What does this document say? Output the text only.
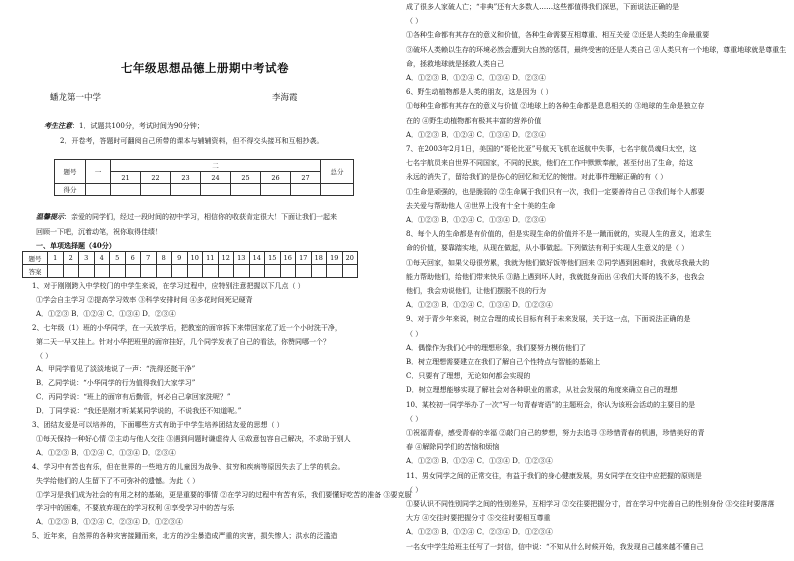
七年级思想品德上册期中考试卷
蟠龙第一中学	李海霞
考生注意：1．试题共100分，考试时间为90分钟；
2．开卷考，答题时可翻阅自己所带的课本与辅辅资料，但不得交头接耳和互相抄袭。
题号	一	二							总分
		21	22	23	24	25	26	27	
得分									
温馨提示：亲爱的同学们，经过一段时间的初中学习，相信你的收获肯定很大！下面让我们一起来
回顾一下吧，沉着动笔，祝你取得佳绩！
一、单项选择题（40分）
题号	1	2	3	4	5	6	7	8	9	10	11	12	13	14	15	16	17	18	19	20
答案																				
1、对于刚刚跨入中学校门的中学生来说，在学习过程中，应特别注意把握以下几点（ ）
①学会自主学习 ②提高学习效率 ③科学安排时间 ④多花时间死记硬背
A．①②③ B．①②④ C．①③④ D．②③④
2、七年级（1）班的小华同学，在一天放学后，把教室的面帘拆下来带回家花了近一个小时洗干净，
第二天一早又挂上。针对小华把班里的面帘挂好，几个同学发表了自己的看法，你赞同哪一个？
（ ）
A．甲同学看见了淡淡地说了一声：“洗得还挺干净”
B．乙同学说：“小华同学的行为值得我们大家学习”
C．丙同学说：“班上的面帘有后勤管，何必自己拿回家洗呢？”
D．丁同学说：“我还是刚才听某某同学说的，不说我还不知道呢。”
3、团结友爱是可以培养的，下面哪些方式有助于中学生培养团结友爱的思想（ ）
①每天保持一种好心情 ②主动与他人交往 ③遇到问题时谦虚待人 ④敌意包容自己解决，不求助于别人
A．①②③ B．①②④ C．①③④ D．②③④
4、学习中有苦也有乐，但在世界的一些地方的儿童因为战争、贫穷和疾病等原因失去了上学的机会。
失学给他们的人生留下了不可弥补的遗憾。为此（ ）
①学习是我们成为社会的有用之材的基础，更是重要的事情 ②在学习的过程中有苦有乐，我们要懂好吃苦的准备 ③要克服
学习中的困难，不要放弃现在的学习权利 ④享受学习中的苦与乐
A．①②③ B．①②④ C．②③④ D．①②③④
5、近年来，自然界的各种灾害接踵而来，北方的沙尘暴造成严重的灾害，损失惨人；洪水的泛滥造
成了很多人家破人亡；“非典”还有大多数人……这些都值得我们深思，下面说法正确的是
（ ）
①各种生命都有其存在的意义和价值，各种生命需要互相尊重、相互关爱 ②还是人类的生命最重要
③破坏人类赖以生存的环境必然会遭到大自然的惩罚，最终受害的还是人类自己 ④人类只有一个地球，尊重地球就是尊重生
命，拯救地球就是拯救人类自己
A．①②③ B．①②④ C．①③④ D．②③④
6、野生动植物都是人类的朋友，这是因为（ ）
①每种生命都有其存在的意义与价值 ②地球上的各种生命都是息息相关的 ③地球的生命是独立存
在的 ④野生动植物都有极其丰富的营养价值
A．①②③ B．①②④ C．①③④ D．②③④
7、在2003年2月1日，美国的“哥伦比亚”号航天飞机在返航中失事，七名宇航员魂归太空，这
七名宇航员来自世界不同国家，不同的民族，他们在工作中默默奉献，甚至付出了生命，给这
永远的消失了，留给我们的是伤心的回忆和无忆的惋惜。对此事件理解正确的有（ ）
①生命是顽强的，也是脆弱的 ②生命属于我们只有一次，我们一定要善待自己 ③我们每个人都要
去关爱与帮助他人 ④世界上没有十全十美的生命
A．①②③ B．①②④ C．①③④ D．②③④
8、每个人的生命都是有价值的，但是实现生命的价值并不是一蹴而就的，实现人生的意义，追求生
命的价值，要靠踏实地，从现在做起，从小事做起。下列做法有利于实现人生意义的是（ ）
①每天回家，如果父母很劳累，我就为他们做好饭等他们回来 ②同学遇到困难时，我就尽我最大的
能力帮助他们，给他们带来快乐 ③路上遇到坏人时，我就挺身而出 ④我们大哥的钱不多，也我会
他们，我会劝说他们，让他们摆脱不良的行为
A．①②③ B．①②④ C．①③④ D．①②③④
9、对于青少年来说，树立合理的成长目标有利于未来发展，关于这一点，下面说法正确的是
（ ）
A．偶像作为我们心中的理想形象，我们要努力模仿他们了
B．树立理想需要建立在我们了解自己个性特点与智能的基础上
C．只要有了理想，无论如何都会实现的
D．树立理想能够实现了解社会对各种职业的需求，从社会发展的角度来确立自己的理想
10、某校初一同学举办了一次“写一句青春寄语”的主题班会，你认为该班会活动的主要目的是
（ ）
①祝福青春，感受青春的幸福 ②敲门自己的梦想，努力去追寻 ③珍惜青春的机遇，珍惜美好的青
春 ④解除同学们的苦恼和烦恼
A．①②③ B．①②④ C．①③④ D．①②③④
11、男女同学之间的正常交往，有益于我们的身心健康发展，男女同学在交往中应把握的原则是
（ ）
①要认识不同性别同学之间的性别差异，互相学习 ②交往要把握分寸，首在学习中完善自己的性别身份 ③交往时要落落
大方 ④交往时要把握分寸 ⑤交往时要相互尊重
A．①②③ B．①②④ C．②③④ D．①②③④
一名女中学生给班主任写了一封信，信中说：“不知从什么时候开始，我发现自己越来越不懂自己
